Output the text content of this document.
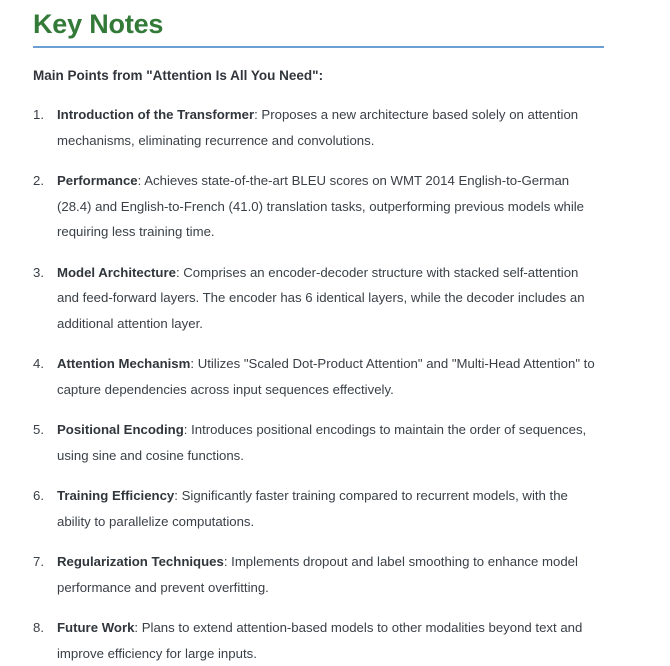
Key Notes

Main Points from "Attention Is All You Need":

1. Introduction of the Transformer: Proposes a new architecture based solely on attention mechanisms, eliminating recurrence and convolutions.
2. Performance: Achieves state-of-the-art BLEU scores on WMT 2014 English-to-German (28.4) and English-to-French (41.0) translation tasks, outperforming previous models while requiring less training time.
3. Model Architecture: Comprises an encoder-decoder structure with stacked self-attention and feed-forward layers. The encoder has 6 identical layers, while the decoder includes an additional attention layer.
4. Attention Mechanism: Utilizes "Scaled Dot-Product Attention" and "Multi-Head Attention" to capture dependencies across input sequences effectively.
5. Positional Encoding: Introduces positional encodings to maintain the order of sequences, using sine and cosine functions.
6. Training Efficiency: Significantly faster training compared to recurrent models, with the ability to parallelize computations.
7. Regularization Techniques: Implements dropout and label smoothing to enhance model performance and prevent overfitting.
8. Future Work: Plans to extend attention-based models to other modalities beyond text and improve efficiency for large inputs.
